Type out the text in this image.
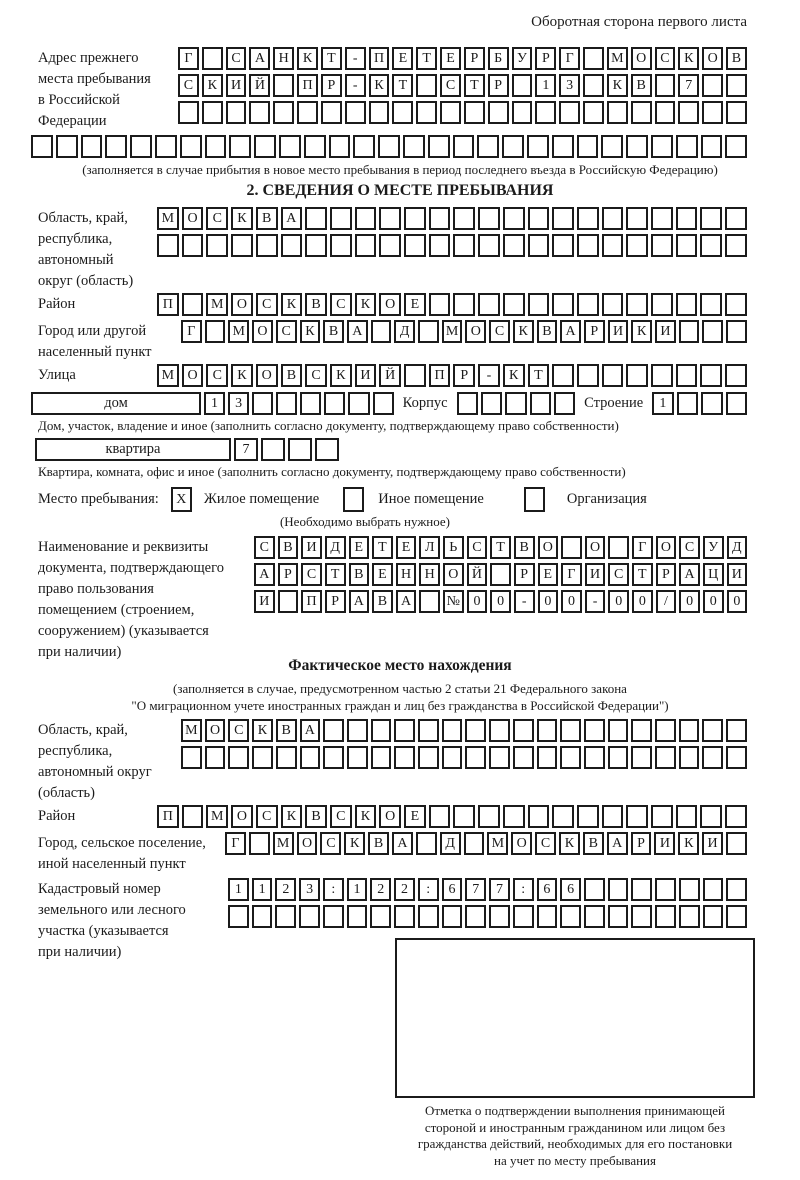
Оборотная сторона первого листа
Адрес прежнего
места пребывания
в Российской
Федерации
Г	С	А Н	К	Т	-	П	Е	Т	Е	Р	Б	У	Р	Г	М О	С	К	О	В
С	К	И Й	П	Р	-	К	Т	С	Т	Р	1	3	К	В	7
(заполняется в случае прибытия в новое место пребывания в период последнего въезда в Российскую Федерацию)
2. СВЕДЕНИЯ О МЕСТЕ ПРЕБЫВАНИЯ
Область, край,
республика,
автономный
округ (область)
М О	С	К	В	А
Район	П	М О	С	К	В	С	К	О	Е
Город или другой
населенный пункт
Г	М О С	К	В А	Д	М О С	К	В А	Р	И К И
Улица	М О	С	К	О	В	С	К	И	Й	П	Р	-	К	Т
дом	1	3	Корпус	Строение	1
Дом, участок, владение и иное (заполнить согласно документу, подтверждающему право собственности)
квартира	7
Квартира, комната, офис и иное (заполнить согласно документу, подтверждающему право собственности)
Место пребывания:	X	Жилое помещение	Иное помещение	Организация
(Необходимо выбрать нужное)
Наименование и реквизиты
документа, подтверждающего
право пользования
помещением (строением,
сооружением) (указывается
при наличии)
С	В И Д	Е	Т	Е	Л	Ь	С	Т	В О	О	Г	О С У Д
А	Р	С	Т	В	Е	Н Н О Й	Р	Е	Г	И С	Т	Р	А Ц И
И	П	Р	А В А	№ 0	0	-	0	0	-	0	0	/	0	0	0
Фактическое место нахождения
(заполняется в случае, предусмотренном частью 2 статьи 21 Федерального закона
"О миграционном учете иностранных граждан и лиц без гражданства в Российской Федерации")
Область, край,
республика,
автономный округ
(область)
М О С	К	В А
Район	П	М О	С	К	В	С	К	О	Е
Город, сельское поселение,
иной населенный пункт
Г	М О	С	К	В	А	Д	М О	С	К	В	А	Р	И	К	И
Кадастровый номер
земельного или лесного
участка (указывается
при наличии)
1	1	2	3	:	1	2	2	:	6	7	7	:	6	6
Отметка о подтверждении выполнения принимающей
стороной и иностранным гражданином или лицом без
гражданства действий, необходимых для его постановки
на учет по месту пребывания
